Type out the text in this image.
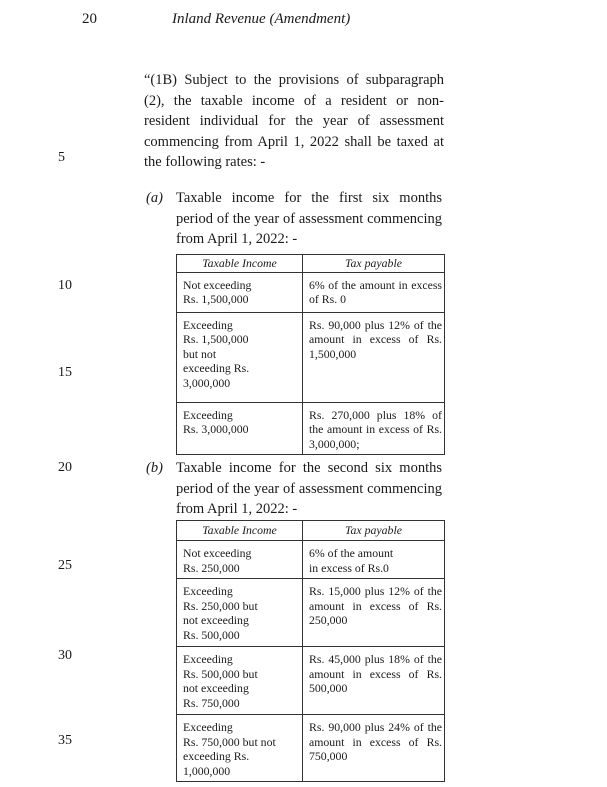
20	Inland Revenue (Amendment)
5
10
15
20
25
30
35
“(1B) Subject to the provisions of subparagraph (2), the taxable income of a resident or non-resident individual for the year of assessment commencing from April 1, 2022 shall be taxed at the following rates: -
(a) Taxable income for the first six months period of the year of assessment commencing from April 1, 2022: -
Taxable Income	Tax payable
Not exceeding
Rs. 1,500,000	6% of the amount in excess of Rs. 0
Exceeding
Rs. 1,500,000
but not
exceeding Rs.
3,000,000	Rs. 90,000 plus 12% of the amount in excess of Rs. 1,500,000
Exceeding
Rs. 3,000,000	Rs. 270,000 plus 18% of the amount in excess of Rs. 3,000,000;
(b) Taxable income for the second six months period of the year of assessment commencing from April 1, 2022: -
Taxable Income	Tax payable
Not exceeding
Rs. 250,000	6% of the amount
in excess of Rs.0
Exceeding
Rs. 250,000 but
not exceeding
Rs. 500,000	Rs. 15,000 plus 12% of the amount in excess of Rs. 250,000
Exceeding
Rs. 500,000 but
not exceeding
Rs. 750,000	Rs. 45,000 plus 18% of the amount in excess of Rs. 500,000
Exceeding
Rs. 750,000 but not
exceeding Rs.
1,000,000	Rs. 90,000 plus 24% of the amount in excess of Rs. 750,000
